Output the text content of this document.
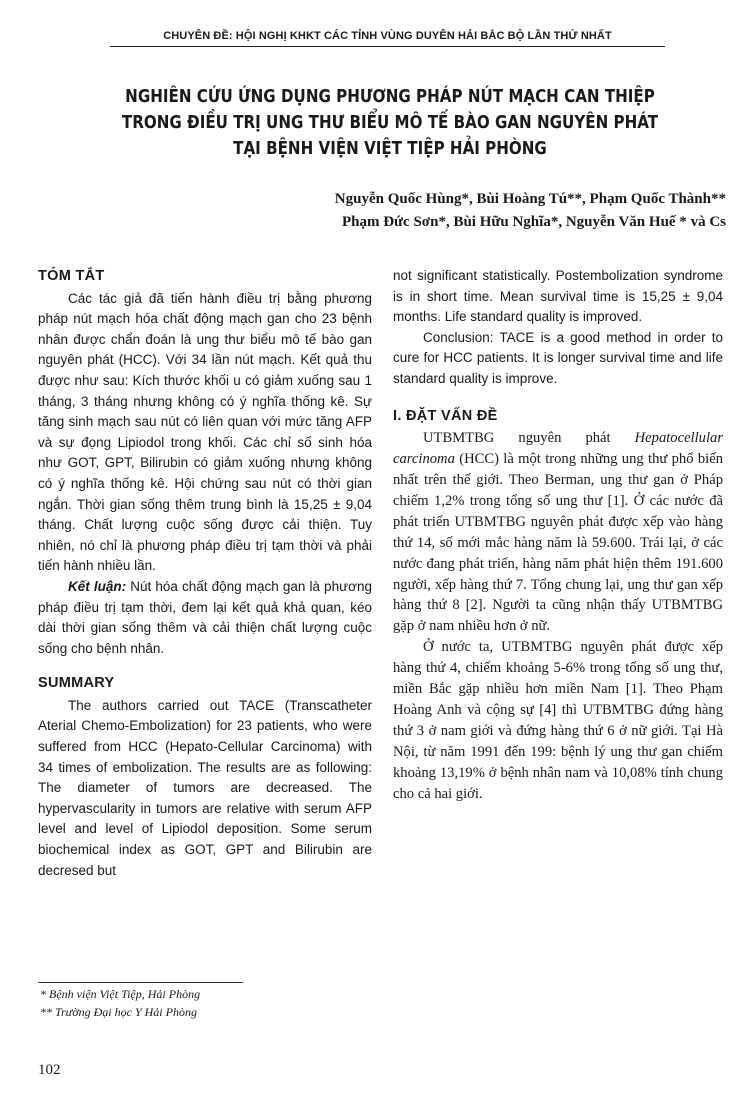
CHUYÊN ĐỀ: HỘI NGHỊ KHKT CÁC TỈNH VÙNG DUYÊN HẢI BẮC BỘ LẦN THỨ NHẤT
NGHIÊN CỨU ỨNG DỤNG PHƯƠNG PHÁP NÚT MẠCH CAN THIỆP
TRONG ĐIỀU TRỊ UNG THƯ BIỂU MÔ TẾ BÀO GAN NGUYÊN PHÁT
TẠI BỆNH VIỆN VIỆT TIỆP HẢI PHÒNG
Nguyễn Quốc Hùng*, Bùi Hoàng Tú**, Phạm Quốc Thành**
Phạm Đức Sơn*, Bùi Hữu Nghĩa*, Nguyễn Văn Huế * và Cs
TÓM TẮT

Các tác giả đã tiến hành điều trị bằng phương pháp nút mạch hóa chất động mạch gan cho 23 bệnh nhân được chẩn đoán là ung thư biểu mô tế bào gan nguyên phát (HCC). Với 34 lần nút mạch. Kết quả thu được như sau: Kích thước khối u có giảm xuống sau 1 tháng, 3 tháng nhưng không có ý nghĩa thống kê. Sự tăng sinh mạch sau nút có liên quan với mức tăng AFP và sự đọng Lipiodol trong khối. Các chỉ số sinh hóa như GOT, GPT, Bilirubin có giảm xuống nhưng không có ý nghĩa thống kê. Hội chứng sau nút có thời gian ngắn. Thời gian sống thêm trung bình là 15,25 ± 9,04 tháng. Chất lượng cuộc sống được cải thiện. Tuy nhiên, nó chỉ là phương pháp điều trị tạm thời và phải tiến hành nhiều lần.

Kết luận: Nút hóa chất động mạch gan là phương pháp điều trị tạm thời, đem lại kết quả khả quan, kéo dài thời gian sống thêm và cải thiện chất lượng cuộc sống cho bệnh nhân.

SUMMARY

The authors carried out TACE (Transcatheter Aterial Chemo-Embolization) for 23 patients, who were suffered from HCC (Hepato-Cellular Carcinoma) with 34 times of embolization. The results are as following: The diameter of tumors are decreased. The hypervascularity in tumors are relative with serum AFP level and level of Lipiodol deposition. Some serum biochemical index as GOT, GPT and Bilirubin are decresed but

not significant statistically. Postembolization syndrome is in short time. Mean survival time is 15,25 ± 9,04 months. Life standard quality is improved.

Conclusion: TACE is a good method in order to cure for HCC patients. It is longer survival time and life standard quality is improve.

I. ĐẶT VẤN ĐỀ

UTBMTBG nguyên phát Hepatocellular carcinoma (HCC) là một trong những ung thư phổ biến nhất trên thế giới. Theo Berman, ung thư gan ở Pháp chiếm 1,2% trong tổng số ung thư [1]. Ở các nước đã phát triển UTBMTBG nguyên phát được xếp vào hàng thứ 14, số mới mắc hàng năm là 59.600. Trái lại, ở các nước đang phát triển, hàng năm phát hiện thêm 191.600 người, xếp hàng thứ 7. Tổng chung lại, ung thư gan xếp hàng thứ 8 [2]. Người ta cũng nhận thấy UTBMTBG gặp ở nam nhiều hơn ở nữ.

Ở nước ta, UTBMTBG nguyên phát được xếp hàng thứ 4, chiếm khoảng 5-6% trong tổng số ung thư, miền Bắc gặp nhiều hơn miền Nam [1]. Theo Phạm Hoàng Anh và cộng sự [4] thì UTBMTBG đứng hàng thứ 3 ở nam giới và đứng hàng thứ 6 ở nữ giới. Tại Hà Nội, từ năm 1991 đến 199: bệnh lý ung thư gan chiếm khoảng 13,19% ở bệnh nhân nam và 10,08% tính chung cho cả hai giới.

* Bệnh viện Việt Tiệp, Hải Phòng
** Trường Đại học Y Hải Phòng
102
